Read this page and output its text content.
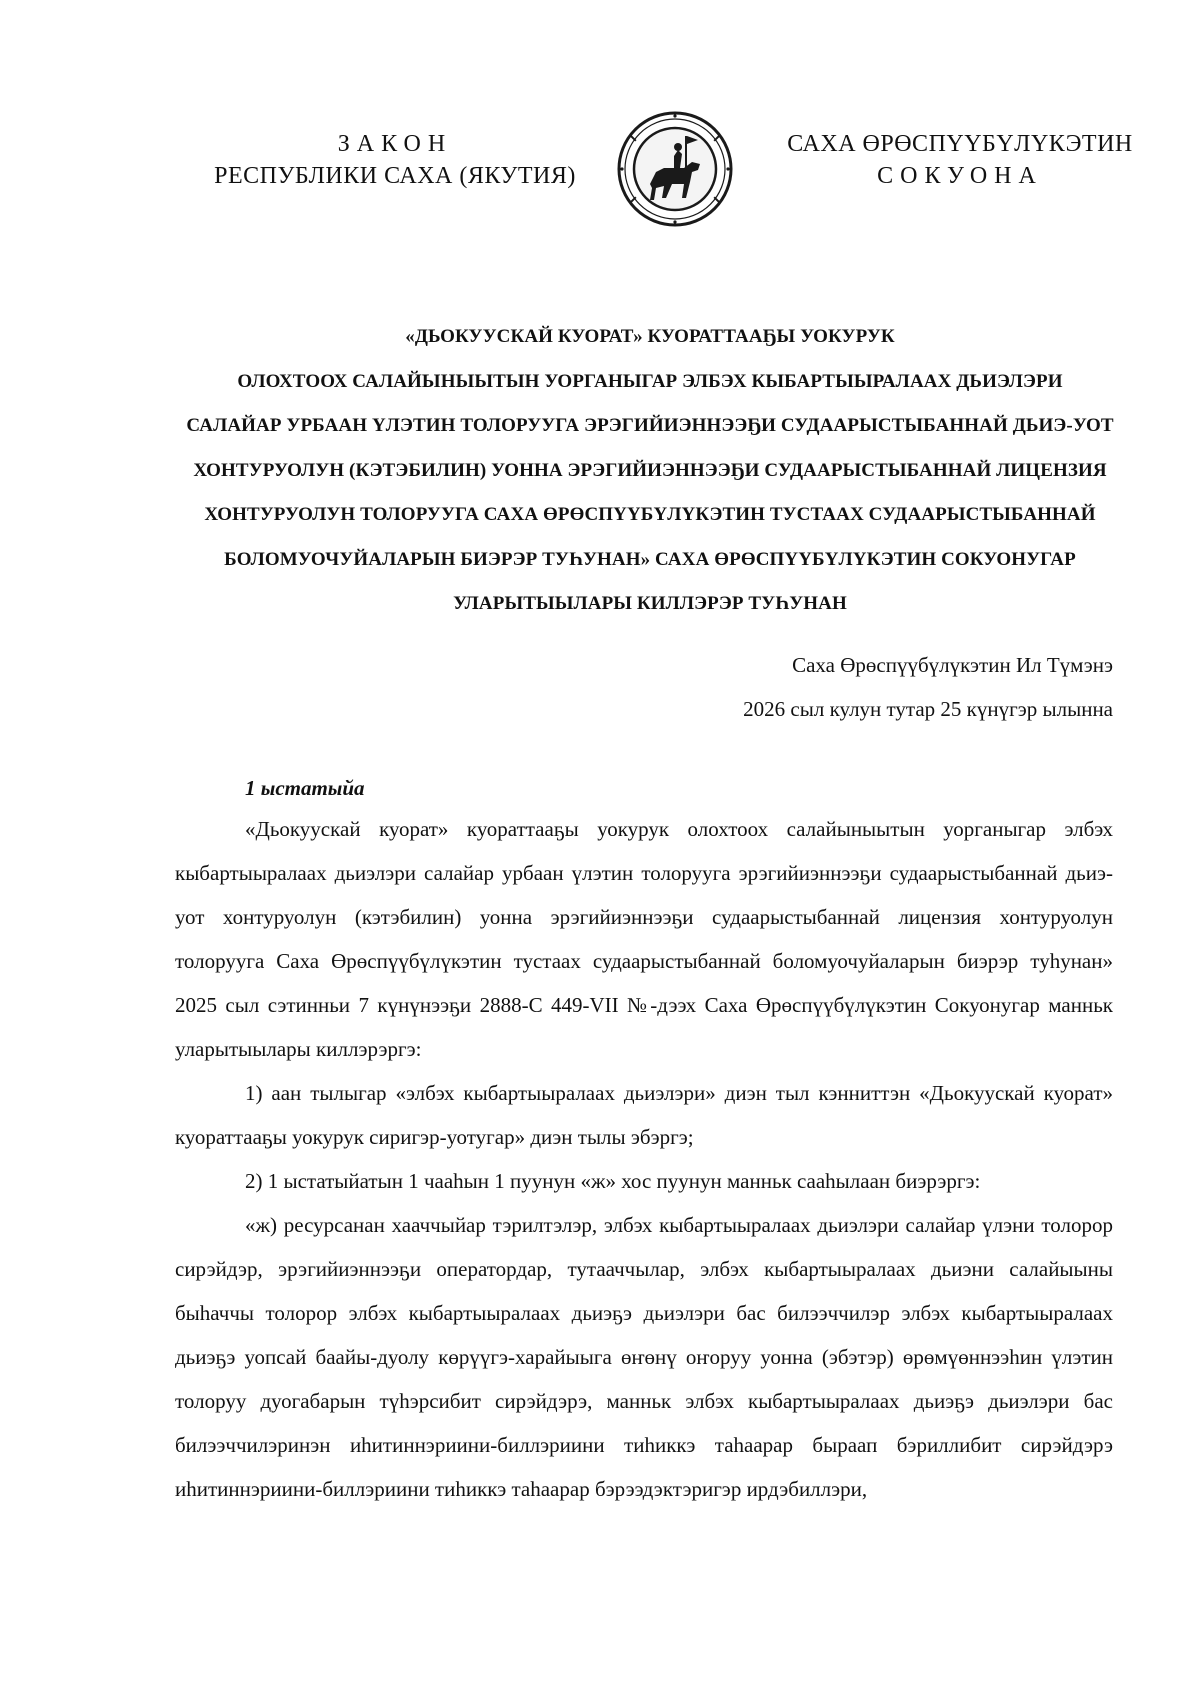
ЗАКОН
РЕСПУБЛИКИ САХА (ЯКУТИЯ)
САХА ӨРӨСПҮҮБҮЛҮКЭТИН
СОКУОНА
«ДЬОКУУСКАЙ КУОРАТ» КУОРАТТААҔЫ УОКУРУК
ОЛОХТООХ САЛАЙЫНЫЫТЫН УОРГАНЫГАР ЭЛБЭХ КЫБАРТЫЫРАЛААХ ДЬИЭЛЭРИ
САЛАЙАР УРБААН ҮЛЭТИН ТОЛОРУУГА ЭРЭГИЙИЭННЭЭҔИ СУДААРЫСТЫБАННАЙ ДЬИЭ-УОТ
ХОНТУРУОЛУН (КЭТЭБИЛИН) УОННА ЭРЭГИЙИЭННЭЭҔИ СУДААРЫСТЫБАННАЙ ЛИЦЕНЗИЯ
ХОНТУРУОЛУН ТОЛОРУУГА САХА ӨРӨСПҮҮБҮЛҮКЭТИН ТУСТААХ СУДААРЫСТЫБАННАЙ
БОЛОМУОЧУЙАЛАРЫН БИЭРЭР ТУҺУНАН» САХА ӨРӨСПҮҮБҮЛҮКЭТИН СОКУОНУГАР
УЛАРЫТЫЫЛАРЫ КИЛЛЭРЭР ТУҺУНАН
Саха Өрөспүүбүлүкэтин Ил Түмэнэ
2026 сыл кулун тутар 25 күнүгэр ылынна
1 ыстатыйа

«Дьокуускай куорат» куораттааҕы уокурук олохтоох салайыныытын уорганыгар элбэх кыбартыыралаах дьиэлэри салайар урбаан үлэтин толорууга эрэгийиэннээҕи судаарыстыбаннай дьиэ-уот хонтуруолун (кэтэбилин) уонна эрэгийиэннээҕи судаарыстыбаннай лицензия хонтуруолун толорууга Саха Өрөспүүбүлүкэтин тустаах судаарыстыбаннай боломуочуйаларын биэрэр туһунан» 2025 сыл сэтинньи 7 күнүнээҕи 2888-С 449-VII №-дээх Саха Өрөспүүбүлүкэтин Сокуонугар манньк уларытыылары киллэрэргэ:

1) аан тылыгар «элбэх кыбартыыралаах дьиэлэри» диэн тыл кэнниттэн «Дьокуускай куорат» куораттааҕы уокурук сиригэр-уотугар» диэн тылы эбэргэ;

2) 1 ыстатыйатын 1 чааһын 1 пуунун «ж» хос пуунун манньк сааһылаан биэрэргэ:

«ж) ресурсанан хааччыйар тэрилтэлэр, элбэх кыбартыыралаах дьиэлэри салайар үлэни толорор сирэйдэр, эрэгийиэннээҕи оператордар, тутааччылар, элбэх кыбартыыралаах дьиэни салайыыны быһаччы толорор элбэх кыбартыыралаах дьиэҕэ дьиэлэри бас билээччилэр элбэх кыбартыыралаах дьиэҕэ уопсай баайы-дуолу көрүүгэ-харайыыга өҥөнү оҥоруу уонна (эбэтэр) өрөмүөннээһин үлэтин толоруу дуогабарын түһэрсибит сирэйдэрэ, манньк элбэх кыбартыыралаах дьиэҕэ дьиэлэри бас билээччилэринэн иһитиннэриини-биллэриини тиһиккэ таһаарар быраап бэриллибит сирэйдэрэ иһитиннэриини-биллэриини тиһиккэ таһаарар бэрээдэктэригэр ирдэбиллэри,
